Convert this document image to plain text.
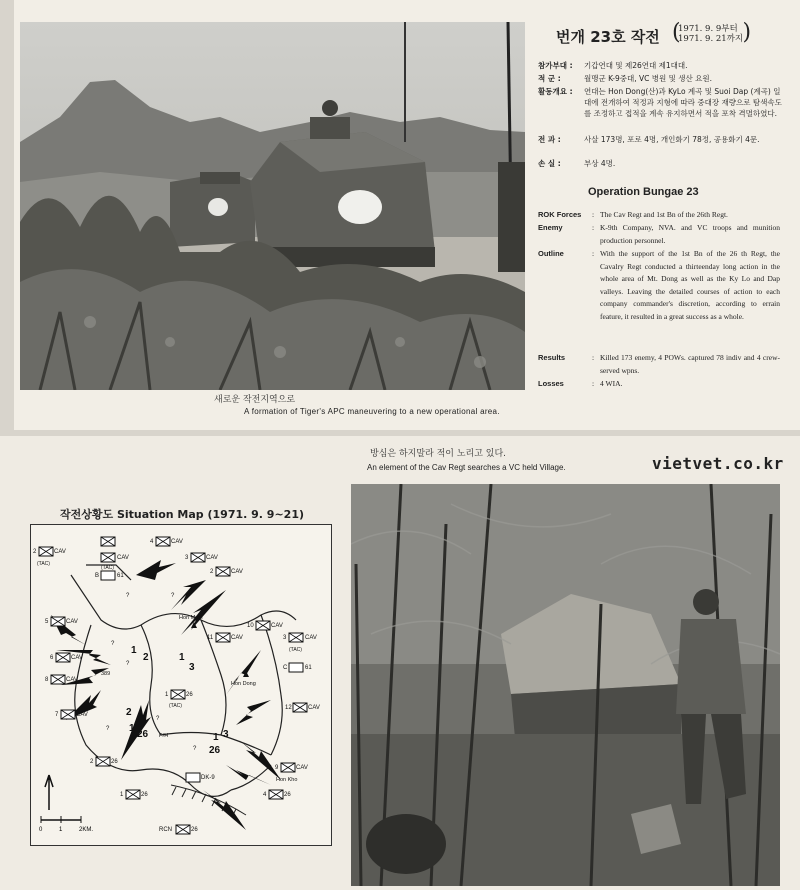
새로운 작전지역으로
A formation of Tiger's APC maneuvering to a new operational area.
번개 23호 작전 (
1971. 9. 9부터
1971. 9. 21까지 )
참가부대 : 기갑연대 및 제26연대 제1대대.
적 군 :	월맹군 K-9중대, VC 병원 및 생산 요원.
활동개요 : 연대는 Hon Dong(산)과 KyLo 계곡 및 Suoi Dap (계곡) 일대에 전개하여 적정과 지형에 따라 중대장 재량으로 탐색속도를 조정하고 접적을 계속 유지하면서 적을 포착 격멸하였다.
전 과 :	사살 173명, 포로 4명, 개인화기 78정, 공용화기 4문.
손 실 :	부상 4명.
Operation Bungae 23
ROK Forces : The Cav Regt and 1st Bn of the 26th Regt.
Enemy	: K-9th Company, NVA. and VC troops and munition production personnel.
Outline	: With the support of the 1st Bn of the 26 th Regt, the Cavalry Regt conducted a thirteenday long action in the whole area of Mt. Dong as well as the Ky Lo and Dap valleys. Leaving the detailed courses of action to each company commander's discretion, according to errain feature, it resulted in a great success as a whole.
Results	: Killed 173 enemy, 4 POWs. captured 78 indiv and 4 crew-served wpns.
Losses	: 4 WIA.
방심은 하지말라 적이 노리고 있다.
An element of the Cav Regt searches a VC held Village.	vietvet.co.kr
작전상황도 Situation Map (1971. 9. 9~21)
2	CAV
(TAC)
CAV
(TAC)
4	CAV
3	CAV
2	CAV
B	61
5	CAV
6	CAV
8	CAV
7	CAV
10	CAV
3	CAV
(TAC)
C	61
11	CAV
1	26
(TAC)	12	CAV
9	CAV
2	26
1	26	4	26
RCN	26
DK-9
Hon Muoi
Hon Dong
Hon Kho
389
P/H
1
2	1
3
2
1
26	1 3
26
?	?
?
?
?
?
?
0	1	2KM.
